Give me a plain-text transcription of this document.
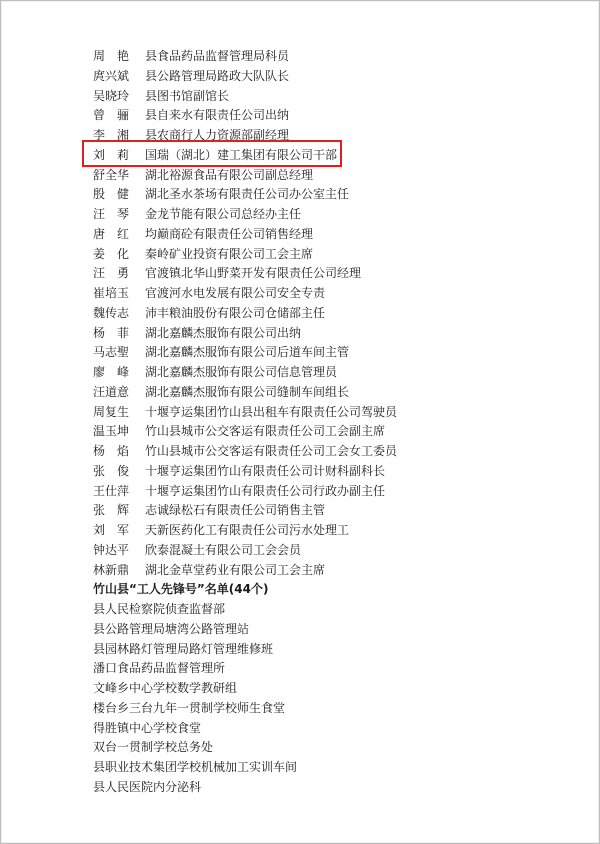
周　艳	县食品药品监督管理局科员
庹兴斌	县公路管理局路政大队队长
吴晓玲	县图书馆副馆长
曾　骊	县自来水有限责任公司出纳
李　湘	县农商行人力资源部副经理
刘　莉	国瑞（湖北）建工集团有限公司干部
舒全华	湖北裕源食品有限公司副总经理
殷　健	湖北圣水茶场有限责任公司办公室主任
汪　琴	金龙节能有限公司总经办主任
唐　红	均巅商砼有限责任公司销售经理
姜　化	秦岭矿业投资有限公司工会主席
汪　勇	官渡镇北华山野菜开发有限责任公司经理
崔培玉	官渡河水电发展有限公司安全专责
魏传志	沛丰粮油股份有限公司仓储部主任
杨　菲	湖北嘉麟杰服饰有限公司出纳
马志聖	湖北嘉麟杰服饰有限公司后道车间主管
廖　峰	湖北嘉麟杰服饰有限公司信息管理员
汪道意	湖北嘉麟杰服饰有限公司缝制车间组长
周复生	十堰亨运集团竹山县出租车有限责任公司驾驶员
温玉坤	竹山县城市公交客运有限责任公司工会副主席
杨　焰	竹山县城市公交客运有限责任公司工会女工委员
张　俊	十堰亨运集团竹山有限责任公司计财科副科长
王仕萍	十堰亨运集团竹山有限责任公司行政办副主任
张　辉	志诚绿松石有限责任公司销售主管
刘　军	天新医药化工有限责任公司污水处理工
钟达平	欣泰混凝土有限公司工会会员
林新鼎	湖北金草堂药业有限公司工会主席
竹山县“工人先锋号”名单(44个)
县人民检察院侦查监督部
县公路管理局塘湾公路管理站
县园林路灯管理局路灯管理维修班
潘口食品药品监督管理所
文峰乡中心学校数学教研组
楼台乡三台九年一贯制学校师生食堂
得胜镇中心学校食堂
双台一贯制学校总务处
县职业技术集团学校机械加工实训车间
县人民医院内分泌科
